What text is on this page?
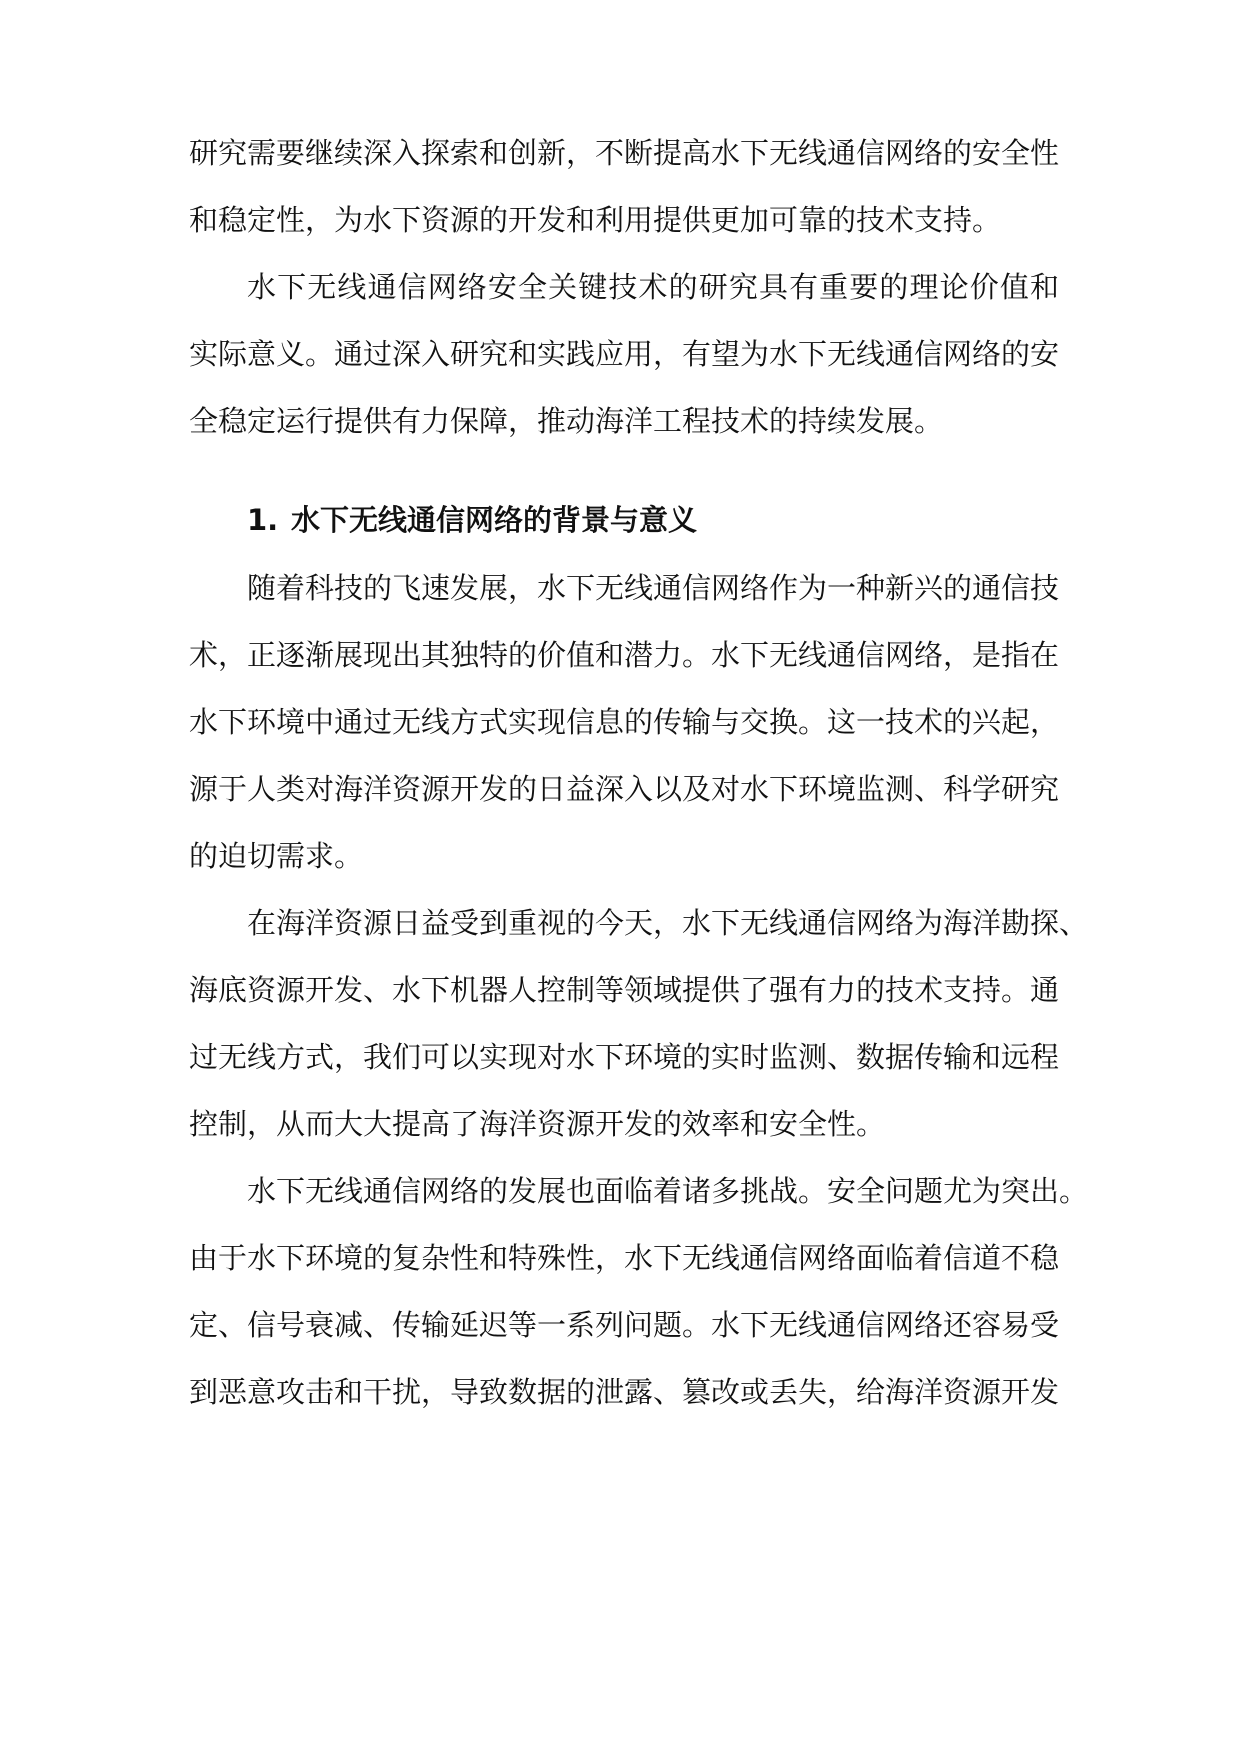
研究需要继续深入探索和创新，不断提高水下无线通信网络的安全性
和稳定性，为水下资源的开发和利用提供更加可靠的技术支持。
水下无线通信网络安全关键技术的研究具有重要的理论价值和
实际意义。通过深入研究和实践应用，有望为水下无线通信网络的安
全稳定运行提供有力保障，推动海洋工程技术的持续发展。
1. 水下无线通信网络的背景与意义
随着科技的飞速发展，水下无线通信网络作为一种新兴的通信技
术，正逐渐展现出其独特的价值和潜力。水下无线通信网络，是指在
水下环境中通过无线方式实现信息的传输与交换。这一技术的兴起，
源于人类对海洋资源开发的日益深入以及对水下环境监测、科学研究
的迫切需求。
在海洋资源日益受到重视的今天，水下无线通信网络为海洋勘探、
海底资源开发、水下机器人控制等领域提供了强有力的技术支持。通
过无线方式，我们可以实现对水下环境的实时监测、数据传输和远程
控制，从而大大提高了海洋资源开发的效率和安全性。
水下无线通信网络的发展也面临着诸多挑战。安全问题尤为突出。
由于水下环境的复杂性和特殊性，水下无线通信网络面临着信道不稳
定、信号衰减、传输延迟等一系列问题。水下无线通信网络还容易受
到恶意攻击和干扰，导致数据的泄露、篡改或丢失，给海洋资源开发
